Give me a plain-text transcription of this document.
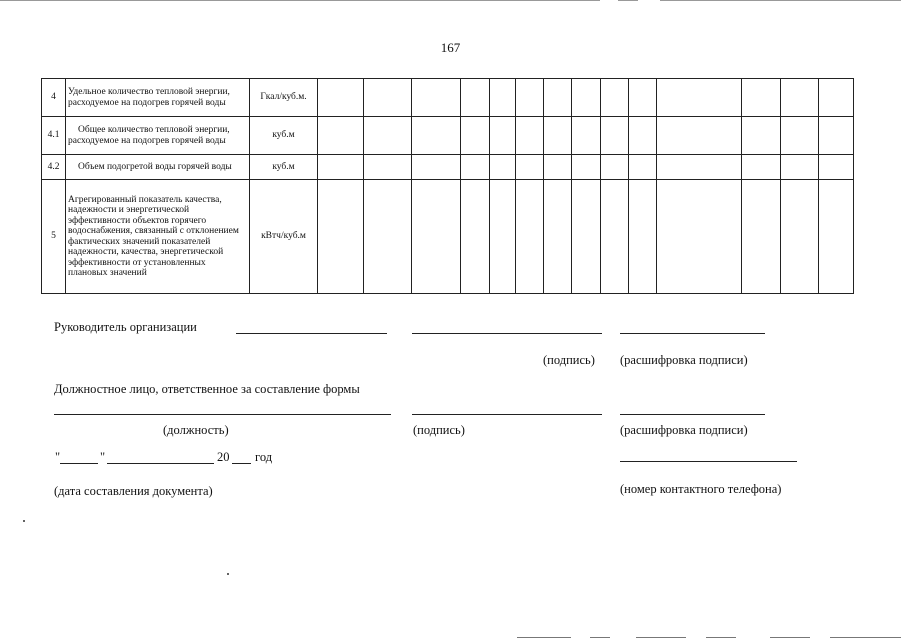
167
4	Удельное количество тепловой энергии, расходуемое на подогрев горячей воды	Гкал/куб.м.														
4.1	Общее количество тепловой энергии, расходуемое на подогрев горячей воды	куб.м														
4.2	Объем подогретой воды горячей воды	куб.м														
5	Агрегированный показатель качества, надежности и энергетической эффективности объектов горячего водоснабжения, связанный с отклонением фактических значений показателей надежности, качества, энергетической эффективности от установленных плановых значений	кВтч/куб.м														
Руководитель организации
(подпись) (расшифровка подписи)
Должностное лицо, ответственное за составление формы
(должность)	(подпись)	(расшифровка подписи)
"	"	20 год
(дата составления документа)	(номер контактного телефона)
